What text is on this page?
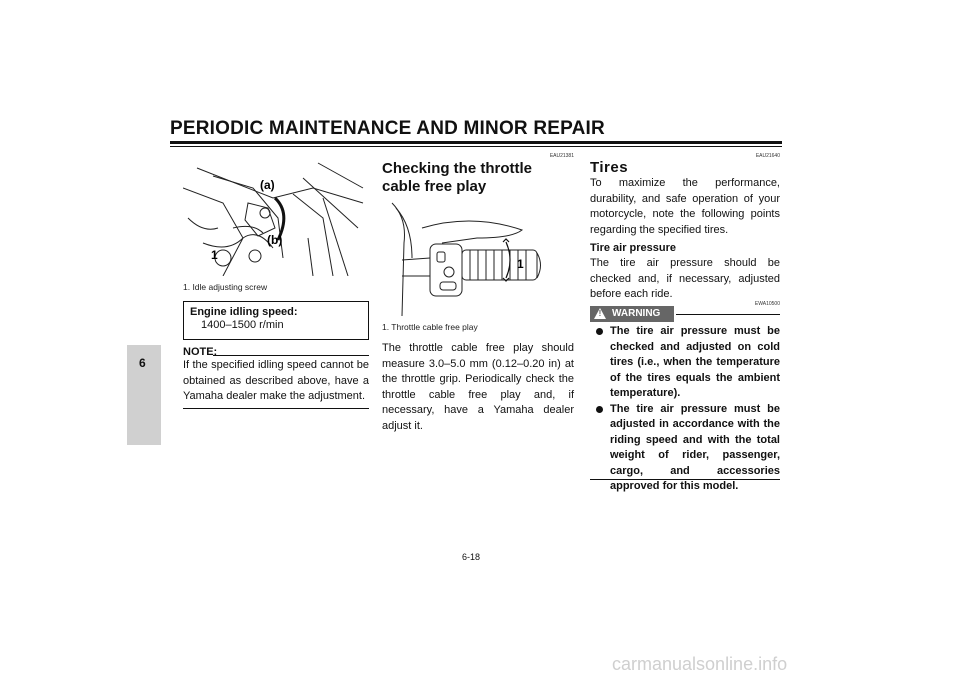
PERIODIC MAINTENANCE AND MINOR REPAIR
6
(a)
(b)
1
1. Idle adjusting screw
Engine idling speed:
1400–1500 r/min
NOTE:
If the specified idling speed cannot be obtained as described above, have a Yamaha dealer make the adjustment.
EAU21381
Checking the throttle cable free play
1
1. Throttle cable free play
The throttle cable free play should measure 3.0–5.0 mm (0.12–0.20 in) at the throttle grip. Periodically check the throttle cable free play and, if necessary, have a Yamaha dealer adjust it.
EAU21640
Tires
To maximize the performance, durability, and safe operation of your motorcycle, note the following points regarding the specified tires.
Tire air pressure
The tire air pressure should be checked and, if necessary, adjusted before each ride.
EWA10500
! WARNING
The tire air pressure must be checked and adjusted on cold tires (i.e., when the temperature of the tires equals the ambient temperature).
The tire air pressure must be adjusted in accordance with the riding speed and with the total weight of rider, passenger, cargo, and accessories approved for this model.
6-18
carmanualsonline.info
